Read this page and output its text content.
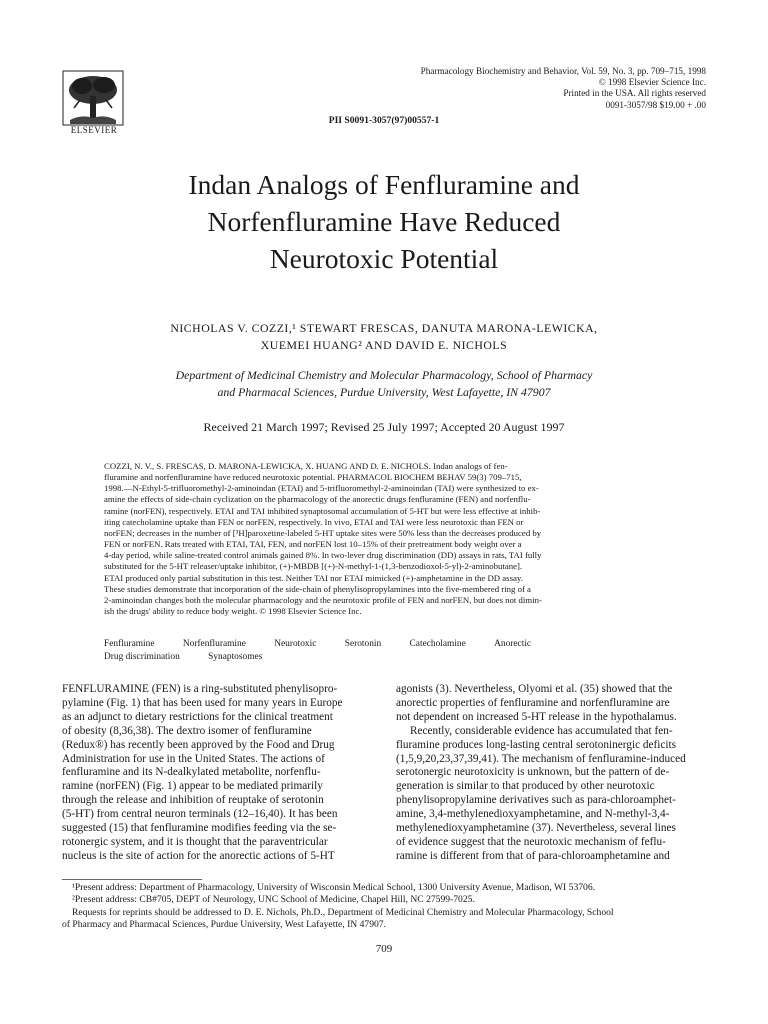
ELSEVIER
Pharmacology Biochemistry and Behavior, Vol. 59, No. 3, pp. 709–715, 1998
© 1998 Elsevier Science Inc.
Printed in the USA. All rights reserved
0091-3057/98 $19.00 + .00
PII S0091-3057(97)00557-1
Indan Analogs of Fenfluramine and
Norfenfluramine Have Reduced
Neurotoxic Potential
NICHOLAS V. COZZI,¹ STEWART FRESCAS, DANUTA MARONA-LEWICKA,
XUEMEI HUANG² AND DAVID E. NICHOLS
Department of Medicinal Chemistry and Molecular Pharmacology, School of Pharmacy
and Pharmacal Sciences, Purdue University, West Lafayette, IN 47907
Received 21 March 1997; Revised 25 July 1997; Accepted 20 August 1997
COZZI, N. V., S. FRESCAS, D. MARONA-LEWICKA, X. HUANG AND D. E. NICHOLS. Indan analogs of fen-
fluramine and norfenfluramine have reduced neurotoxic potential. PHARMACOL BIOCHEM BEHAV 59(3) 709–715,
1998.—N-Ethyl-5-trifluoromethyl-2-aminoindan (ETAI) and 5-trifluoromethyl-2-aminoindan (TAI) were synthesized to ex-
amine the effects of side-chain cyclization on the pharmacology of the anorectic drugs fenfluramine (FEN) and norfenflu-
ramine (norFEN), respectively. ETAI and TAI inhibited synaptosomal accumulation of 5-HT but were less effective at inhib-
iting catecholamine uptake than FEN or norFEN, respectively. In vivo, ETAI and TAI were less neurotoxic than FEN or
norFEN; decreases in the number of [³H]paroxetine-labeled 5-HT uptake sites were 50% less than the decreases produced by
FEN or norFEN. Rats treated with ETAI, TAI, FEN, and norFEN lost 10–15% of their pretreatment body weight over a
4-day period, while saline-treated control animals gained 8%. In two-lever drug discrimination (DD) assays in rats, TAI fully
substituted for the 5-HT releaser/uptake inhibitor, (+)-MBDB [(+)-N-methyl-1-(1,3-benzodioxol-5-yl)-2-aminobutane].
ETAI produced only partial substitution in this test. Neither TAI nor ETAI mimicked (+)-amphetamine in the DD assay.
These studies demonstrate that incorporation of the side-chain of phenylisopropylamines into the five-membered ring of a
2-aminoindan changes both the molecular pharmacology and the neurotoxic profile of FEN and norFEN, but does not dimin-
ish the drugs' ability to reduce body weight. © 1998 Elsevier Science Inc.
Fenfluramine	Norfenfluramine	Neurotoxic	Serotonin	Catecholamine	Anorectic
Drug discrimination	Synaptosomes

FENFLURAMINE (FEN) is a ring-substituted phenylisopro-

pylamine (Fig. 1) that has been used for many years in Europe

as an adjunct to dietary restrictions for the clinical treatment

of obesity (8,36,38). The dextro isomer of fenfluramine

(Redux®) has recently been approved by the Food and Drug

Administration for use in the United States. The actions of

fenfluramine and its N-dealkylated metabolite, norfenflu-

ramine (norFEN) (Fig. 1) appear to be mediated primarily

through the release and inhibition of reuptake of serotonin

(5-HT) from central neuron terminals (12–16,40). It has been

suggested (15) that fenfluramine modifies feeding via the se-

rotonergic system, and it is thought that the paraventricular

nucleus is the site of action for the anorectic actions of 5-HT

agonists (3). Nevertheless, Olyomi et al. (35) showed that the

anorectic properties of fenfluramine and norfenfluramine are

not dependent on increased 5-HT release in the hypothalamus.

Recently, considerable evidence has accumulated that fen-

fluramine produces long-lasting central serotoninergic deficits

(1,5,9,20,23,37,39,41). The mechanism of fenfluramine-induced

serotonergic neurotoxicity is unknown, but the pattern of de-

generation is similar to that produced by other neurotoxic

phenylisopropylamine derivatives such as para-chloroamphet-

amine, 3,4-methylenedioxyamphetamine, and N-methyl-3,4-

methylenedioxyamphetamine (37). Nevertheless, several lines

of evidence suggest that the neurotoxic mechanism of feflu-

ramine is different from that of para-chloroamphetamine and

¹Present address: Department of Pharmacology, University of Wisconsin Medical School, 1300 University Avenue, Madison, WI 53706.

²Present address: CB#705, DEPT of Neurology, UNC School of Medicine, Chapel Hill, NC 27599-7025.

Requests for reprints should be addressed to D. E. Nichols, Ph.D., Department of Medicinal Chemistry and Molecular Pharmacology, School

of Pharmacy and Pharmacal Sciences, Purdue University, West Lafayette, IN 47907.

709
